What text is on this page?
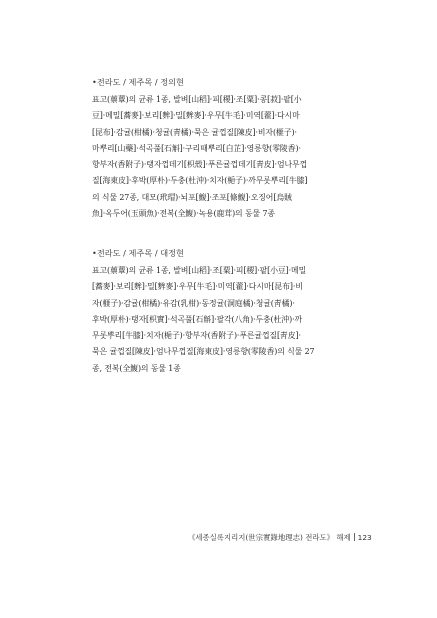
•전라도 / 제주목 / 정의현
표고(蔈蕈)의 균류 1종, 발벼[山稻]·피[稷]·조[粟]·콩[菽]·팥[小
豆]·메밀[蕎麥]·보리[麰]·밀[麰麥]·우무[牛毛]·미역[藿]·다시마
[昆布]·감귤(柑橘)·청귤(靑橘)·묵은 귤껍질[陳皮]·비자(榧子)·
마뿌리[山藥]·석곡풀[石斛]·구리때뿌리[白芷]·영릉향(零陵香)·
향부자(香附子)·탱자껍데기[枳殼]·푸른귤껍데기[靑皮]·엄나무껍
질[海東皮]·후박(厚朴)·두충(杜沖)·치자(梔子)·까무롯뿌리[牛膝]
의 식물 27종, 대모(玳瑁)·뇌포[鰒]·조포[條鰒]·오징어[烏賊
魚]·옥두어(玉頭魚)·전복(全鰒)·녹용(鹿茸)의 동물 7종
•전라도 / 제주목 / 대정현
표고(蔈蕈)의 균류 1종, 발벼[山稻]·조[粟]·피[稷]·팥[小豆]·메밀
[蕎麥]·보리[麰]·밀[麰麥]·우무[牛毛]·미역[藿]·다시마[昆布]·비
자(榧子)·감귤(柑橘)·유감(乳柑)·동정귤(洞庭橘)·청귤(靑橘)·
후박(厚朴)·탱자[枳實]·석곡풀[石斛]·팔각(八角)·두충(杜沖)·까
무롯뿌리[牛膝]·치자(梔子)·향부자(香附子)·푸른귤껍질[靑皮]·
묵은 귤껍질[陳皮]·엄나무껍질[海東皮]·영릉향(零陵香)의 식물 27
종, 전복(全鰒)의 동물 1종
《세종실록지리지(世宗實錄地理志) 전라도》 해제 123
